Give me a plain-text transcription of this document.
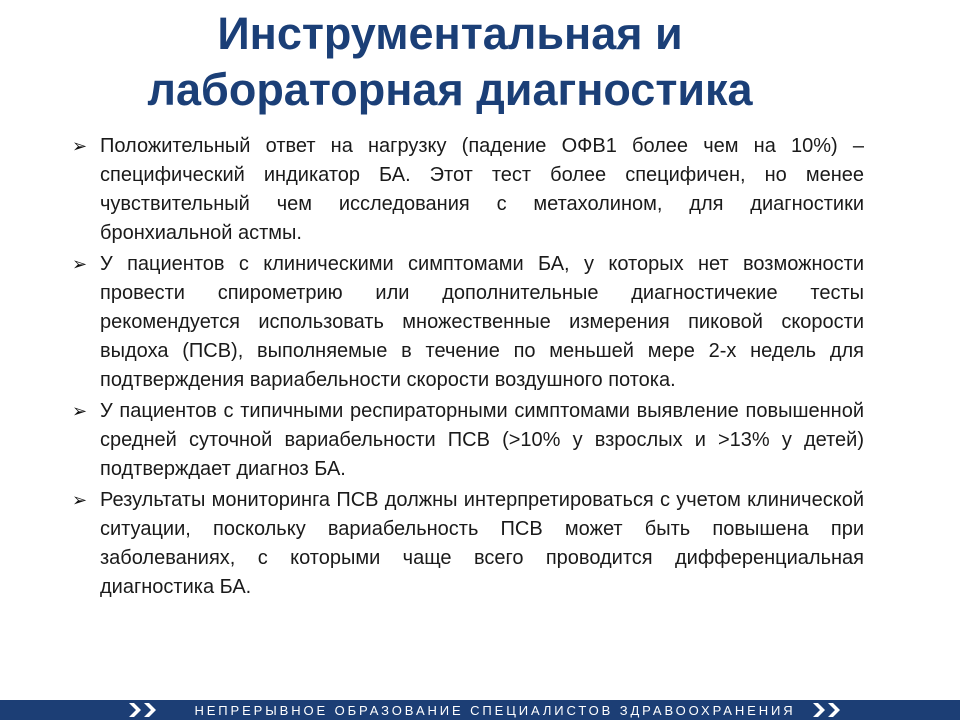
Инструментальная и
лабораторная диагностика
➢ Положительный ответ на нагрузку (падение ОФВ1 более чем на 10%) – специфический индикатор БА. Этот тест более специфичен, но менее чувствительный чем исследования с метахолином, для диагностики бронхиальной астмы.
➢ У пациентов с клиническими симптомами БА, у которых нет возможности провести спирометрию или дополнительные диагностичекие тесты рекомендуется использовать множественные измерения пиковой скорости выдоха (ПСВ), выполняемые в течение по меньшей мере 2-х недель для подтверждения вариабельности скорости воздушного потока.
➢ У пациентов с типичными респираторными симптомами выявление повышенной средней суточной вариабельности ПСВ (>10% у взрослых и >13% у детей) подтверждает диагноз БА.
➢ Результаты мониторинга ПСВ должны интерпретироваться с учетом клинической ситуации, поскольку вариабельность ПСВ может быть повышена при заболеваниях, с которыми чаще всего проводится дифференциальная диагностика БА.
НЕПРЕРЫВНОЕ ОБРАЗОВАНИЕ СПЕЦИАЛИСТОВ ЗДРАВООХРАНЕНИЯ
